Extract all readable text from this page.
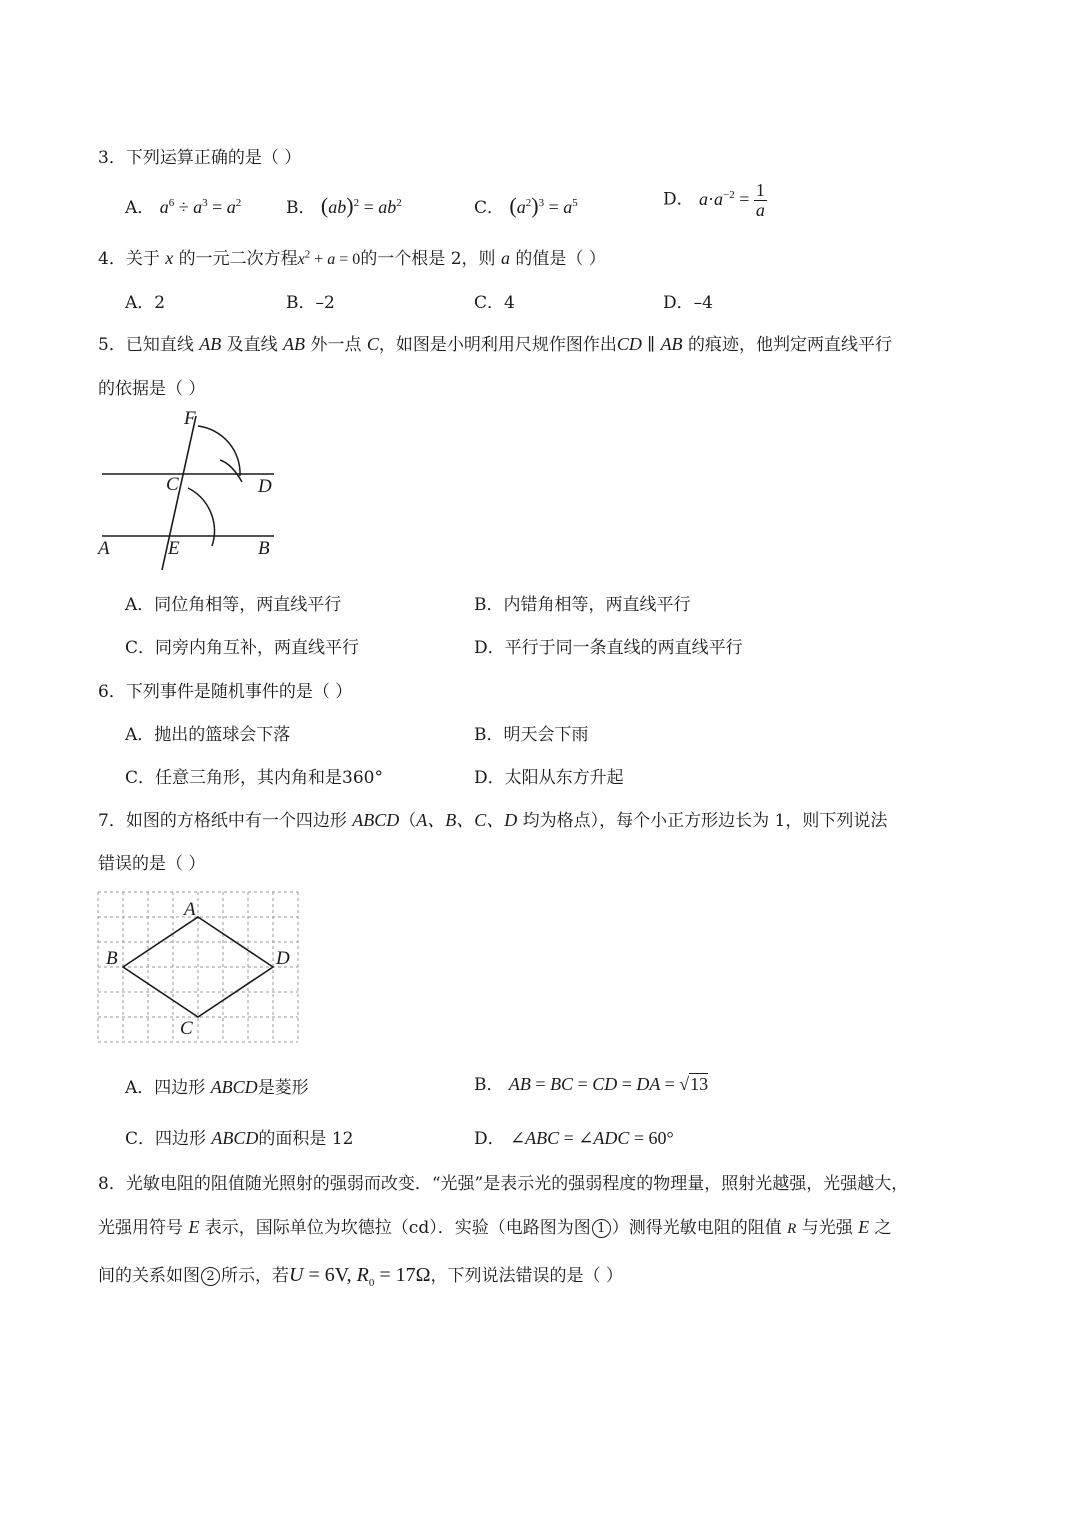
3．下列运算正确的是（ ）
A． $a^6 \div a^3 = a^2$	B． $(ab)^2 = ab^2$	C． $(a^2)^3 = a^5$	D． $a\cdot a^{-2} = \frac{1}{a}$
4．关于 x 的一元二次方程$x^2 + a = 0$的一个根是 2，则 a 的值是（ ）
A．2	B．–2	C．4	D．–4
5．已知直线 AB 及直线 AB 外一点 C，如图是小明利用尺规作图作出CD ∥ AB 的痕迹，他判定两直线平行
的依据是（ ）
F
C	D
A	E	B
A．同位角相等，两直线平行	B．内错角相等，两直线平行
C．同旁内角互补，两直线平行	D．平行于同一条直线的两直线平行
6．下列事件是随机事件的是（ ）
A．抛出的篮球会下落	B．明天会下雨
C．任意三角形，其内角和是360°	D．太阳从东方升起
7．如图的方格纸中有一个四边形 ABCD（A、B、C、D 均为格点），每个小正方形边长为 1，则下列说法
错误的是（ ）
A
B
C
D
A．四边形 ABCD是菱形	B． AB = BC = CD = DA = √13
C．四边形 ABCD的面积是 12	D． ∠ABC = ∠ADC = 60°
8．光敏电阻的阻值随光照射的强弱而改变．“光强”是表示光的强弱程度的物理量，照射光越强，光强越大，
光强用符号 E 表示，国际单位为坎德拉（cd）．实验（电路图为图 1 ）测得光敏电阻的阻值 R 与光强 E 之
间的关系如图 2 所示，若U = 6V, $R_0 = 17\Omega$，下列说法错误的是（ ）
